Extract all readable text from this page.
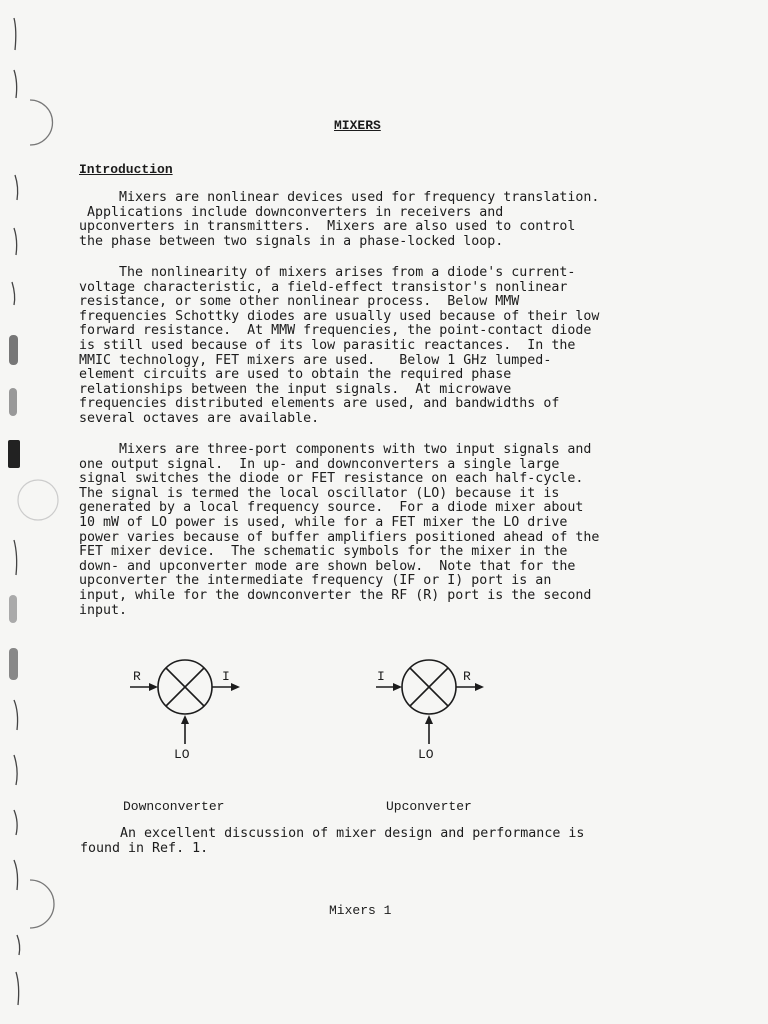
MIXERS
Introduction
Mixers are nonlinear devices used for frequency translation.
Applications include downconverters in receivers and
upconverters in transmitters.  Mixers are also used to control
the phase between two signals in a phase-locked loop.
The nonlinearity of mixers arises from a diode's current-
voltage characteristic, a field-effect transistor's nonlinear
resistance, or some other nonlinear process.  Below MMW
frequencies Schottky diodes are usually used because of their low
forward resistance.  At MMW frequencies, the point-contact diode
is still used because of its low parasitic reactances.  In the
MMIC technology, FET mixers are used.   Below 1 GHz lumped-
element circuits are used to obtain the required phase
relationships between the input signals.  At microwave
frequencies distributed elements are used, and bandwidths of
several octaves are available.
Mixers are three-port components with two input signals and
one output signal.  In up- and downconverters a single large
signal switches the diode or FET resistance on each half-cycle.
The signal is termed the local oscillator (LO) because it is
generated by a local frequency source.  For a diode mixer about
10 mW of LO power is used, while for a FET mixer the LO drive
power varies because of buffer amplifiers positioned ahead of the
FET mixer device.  The schematic symbols for the mixer in the
down- and upconverter mode are shown below.  Note that for the
upconverter the intermediate frequency (IF or I) port is an
input, while for the downconverter the RF (R) port is the second
input.
R	I
LO
Downconverter
I	R
LO
Upconverter
An excellent discussion of mixer design and performance is
found in Ref. 1.
Mixers 1
